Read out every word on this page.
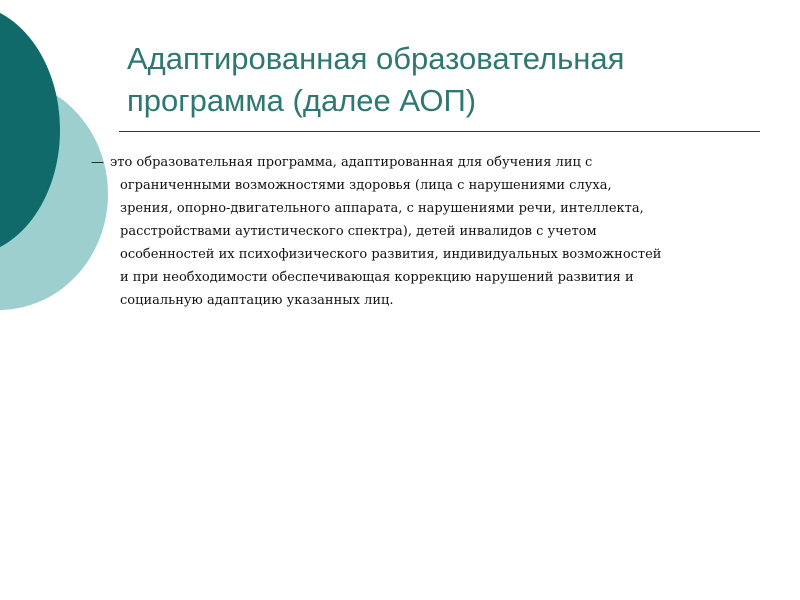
Адаптированная образовательная
программа (далее АОП)
— это образовательная программа, адаптированная для обучения лиц с
ограниченными возможностями здоровья (лица с нарушениями слуха,
зрения, опорно-двигательного аппарата, с нарушениями речи, интеллекта,
расстройствами аутистического спектра), детей инвалидов с учетом
особенностей их психофизического развития, индивидуальных возможностей
и при необходимости обеспечивающая коррекцию нарушений развития и
социальную адаптацию указанных лиц.
